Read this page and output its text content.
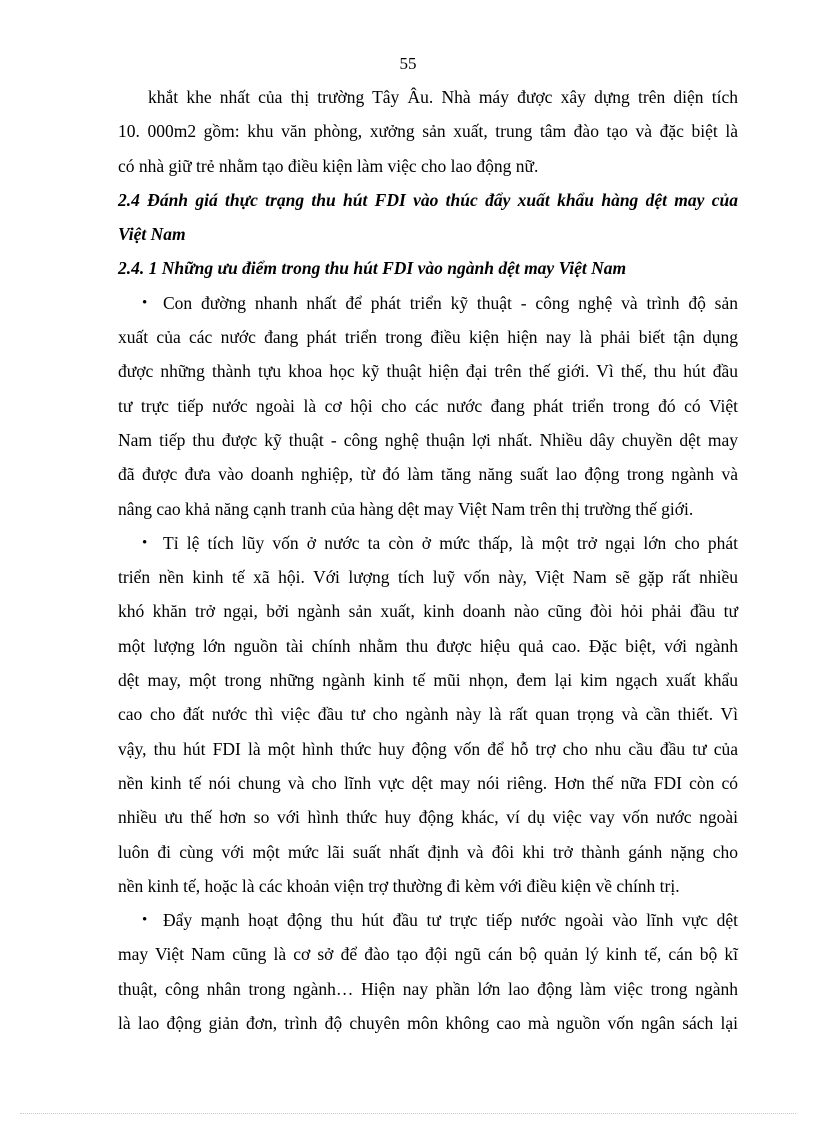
55
khắt khe nhất của thị trường Tây Âu. Nhà máy được xây dựng trên diện tích
10. 000m2 gồm: khu văn phòng, xưởng sản xuất, trung tâm đào tạo và đặc biệt là
có nhà giữ trẻ nhằm tạo điều kiện làm việc cho lao động nữ.
2.4 Đánh giá thực trạng thu hút FDI vào thúc đẩy xuất khẩu hàng dệt may của
Việt Nam
2.4. 1 Những ưu điểm trong thu hút FDI vào ngành dệt may Việt Nam
• Con đường nhanh nhất để phát triển kỹ thuật - công nghệ và trình độ sản
xuất của các nước đang phát triển trong điều kiện hiện nay là phải biết tận dụng
được những thành tựu khoa học kỹ thuật hiện đại trên thế giới. Vì thế, thu hút đầu
tư trực tiếp nước ngoài là cơ hội cho các nước đang phát triển trong đó có Việt
Nam tiếp thu được kỹ thuật - công nghệ thuận lợi nhất. Nhiều dây chuyền dệt may
đã được đưa vào doanh nghiệp, từ đó làm tăng năng suất lao động trong ngành và
nâng cao khả năng cạnh tranh của hàng dệt may Việt Nam trên thị trường thế giới.
• Tỉ lệ tích lũy vốn ở nước ta còn ở mức thấp, là một trở ngại lớn cho phát
triển nền kinh tế xã hội. Với lượng tích luỹ vốn này, Việt Nam sẽ gặp rất nhiều
khó khăn trở ngại, bởi ngành sản xuất, kinh doanh nào cũng đòi hỏi phải đầu tư
một lượng lớn nguồn tài chính nhằm thu được hiệu quả cao. Đặc biệt, với ngành
dệt may, một trong những ngành kinh tế mũi nhọn, đem lại kim ngạch xuất khẩu
cao cho đất nước thì việc đầu tư cho ngành này là rất quan trọng và cần thiết. Vì
vậy, thu hút FDI là một hình thức huy động vốn để hỗ trợ cho nhu cầu đầu tư của
nền kinh tế nói chung và cho lĩnh vực dệt may nói riêng. Hơn thế nữa FDI còn có
nhiều ưu thế hơn so với hình thức huy động khác, ví dụ việc vay vốn nước ngoài
luôn đi cùng với một mức lãi suất nhất định và đôi khi trở thành gánh nặng cho
nền kinh tế, hoặc là các khoản viện trợ thường đi kèm với điều kiện về chính trị.
• Đẩy mạnh hoạt động thu hút đầu tư trực tiếp nước ngoài vào lĩnh vực dệt
may Việt Nam cũng là cơ sở để đào tạo đội ngũ cán bộ quản lý kinh tế, cán bộ kĩ
thuật, công nhân trong ngành… Hiện nay phần lớn lao động làm việc trong ngành
là lao động giản đơn, trình độ chuyên môn không cao mà nguồn vốn ngân sách lại
